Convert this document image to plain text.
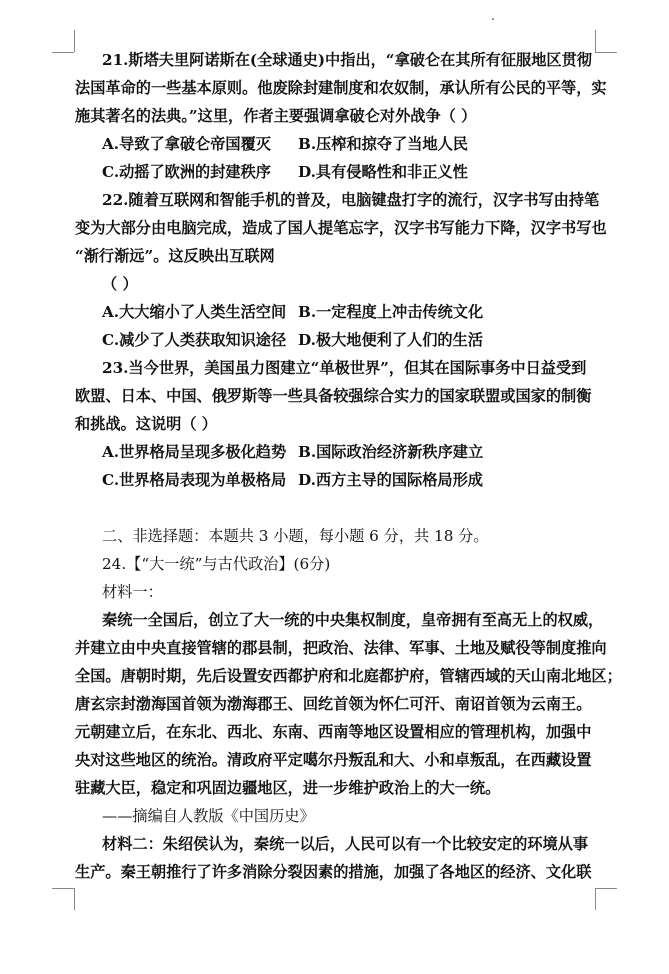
21.斯塔夫里阿诺斯在(全球通史)中指出，“拿破仑在其所有征服地区贯彻
法国革命的一些基本原则。他废除封建制度和农奴制，承认所有公民的平等，实
施其著名的法典。”这里，作者主要强调拿破仑对外战争（ ）
A.导致了拿破仑帝国覆灭 B.压榨和掠夺了当地人民
C.动摇了欧洲的封建秩序 D.具有侵略性和非正义性
22.随着互联网和智能手机的普及，电脑键盘打字的流行，汉字书写由持笔
变为大部分由电脑完成，造成了国人提笔忘字，汉字书写能力下降，汉字书写也
“渐行渐远”。这反映出互联网
（ ）
A.大大缩小了人类生活空间 B.一定程度上冲击传统文化
C.减少了人类获取知识途径 D.极大地便利了人们的生活
23.当今世界，美国虽力图建立“单极世界”，但其在国际事务中日益受到
欧盟、日本、中国、俄罗斯等一些具备较强综合实力的国家联盟或国家的制衡
和挑战。这说明（ ）
A.世界格局呈现多极化趋势 B.国际政治经济新秩序建立
C.世界格局表现为单极格局 D.西方主导的国际格局形成
二、非选择题：本题共 3 小题，每小题 6 分，共 18 分。
24.【“大一统”与古代政治】(6分)
材料一：
秦统一全国后，创立了大一统的中央集权制度，皇帝拥有至高无上的权威，
并建立由中央直接管辖的郡县制，把政治、法律、军事、土地及赋役等制度推向
全国。唐朝时期，先后设置安西都护府和北庭都护府，管辖西域的天山南北地区；
唐玄宗封渤海国首领为渤海郡王、回纥首领为怀仁可汗、南诏首领为云南王。
元朝建立后，在东北、西北、东南、西南等地区设置相应的管理机构，加强中
央对这些地区的统治。清政府平定噶尔丹叛乱和大、小和卓叛乱，在西藏设置
驻藏大臣，稳定和巩固边疆地区，进一步维护政治上的大一统。
——摘编自人教版《中国历史》
材料二：朱绍侯认为，秦统一以后，人民可以有一个比较安定的环境从事
生产。秦王朝推行了许多消除分裂因素的措施，加强了各地区的经济、文化联
